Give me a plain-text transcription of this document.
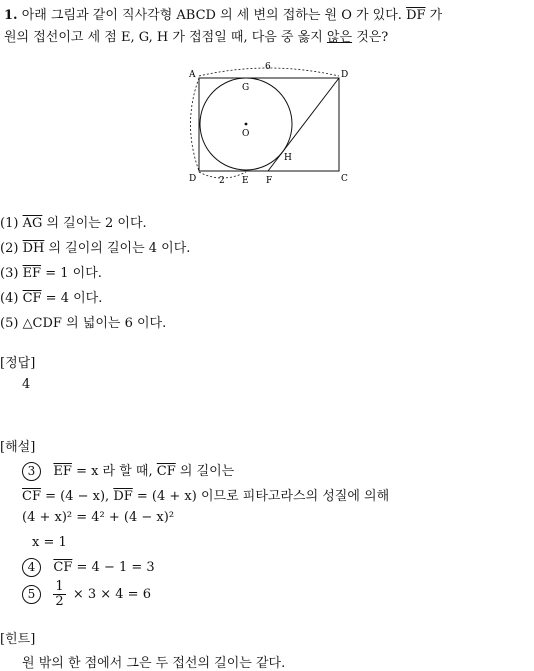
1. 아래 그림과 같이 직사각형 ABCD 의 세 변의 접하는 원 O 가 있다. $\overline{DF}$ 가
원의 접선이고 세 점 E, G, H 가 접점일 때, 다음 중 옳지 않은 것은?
A
6
D
G
O
H
D	2 E F	C
(1) $\overline{AG}$ 의 길이는 2 이다.
(2) $\overline{DH}$ 의 길이의 길이는 4 이다.
(3) $\overline{EF} = 1$ 이다.
(4) $\overline{CF} = 4$ 이다.
(5) △CDF 의 넓이는 6 이다.
[정답]
4
[해설]
3 $\overline{EF} = x$ 라 할 때, $\overline{CF}$ 의 길이는
$\overline{CF} = (4 - x)$, $\overline{DF} = (4 + x)$ 이므로 피타고라스의 성질에 의해
(4 + x)² = 4² + (4 − x)²
x = 1
4 $\overline{CF} = 4 - 1 = 3$
$5 \frac{1}{2} \times 3 \times 4 = 6$
[힌트]
원 밖의 한 점에서 그은 두 접선의 길이는 같다.
